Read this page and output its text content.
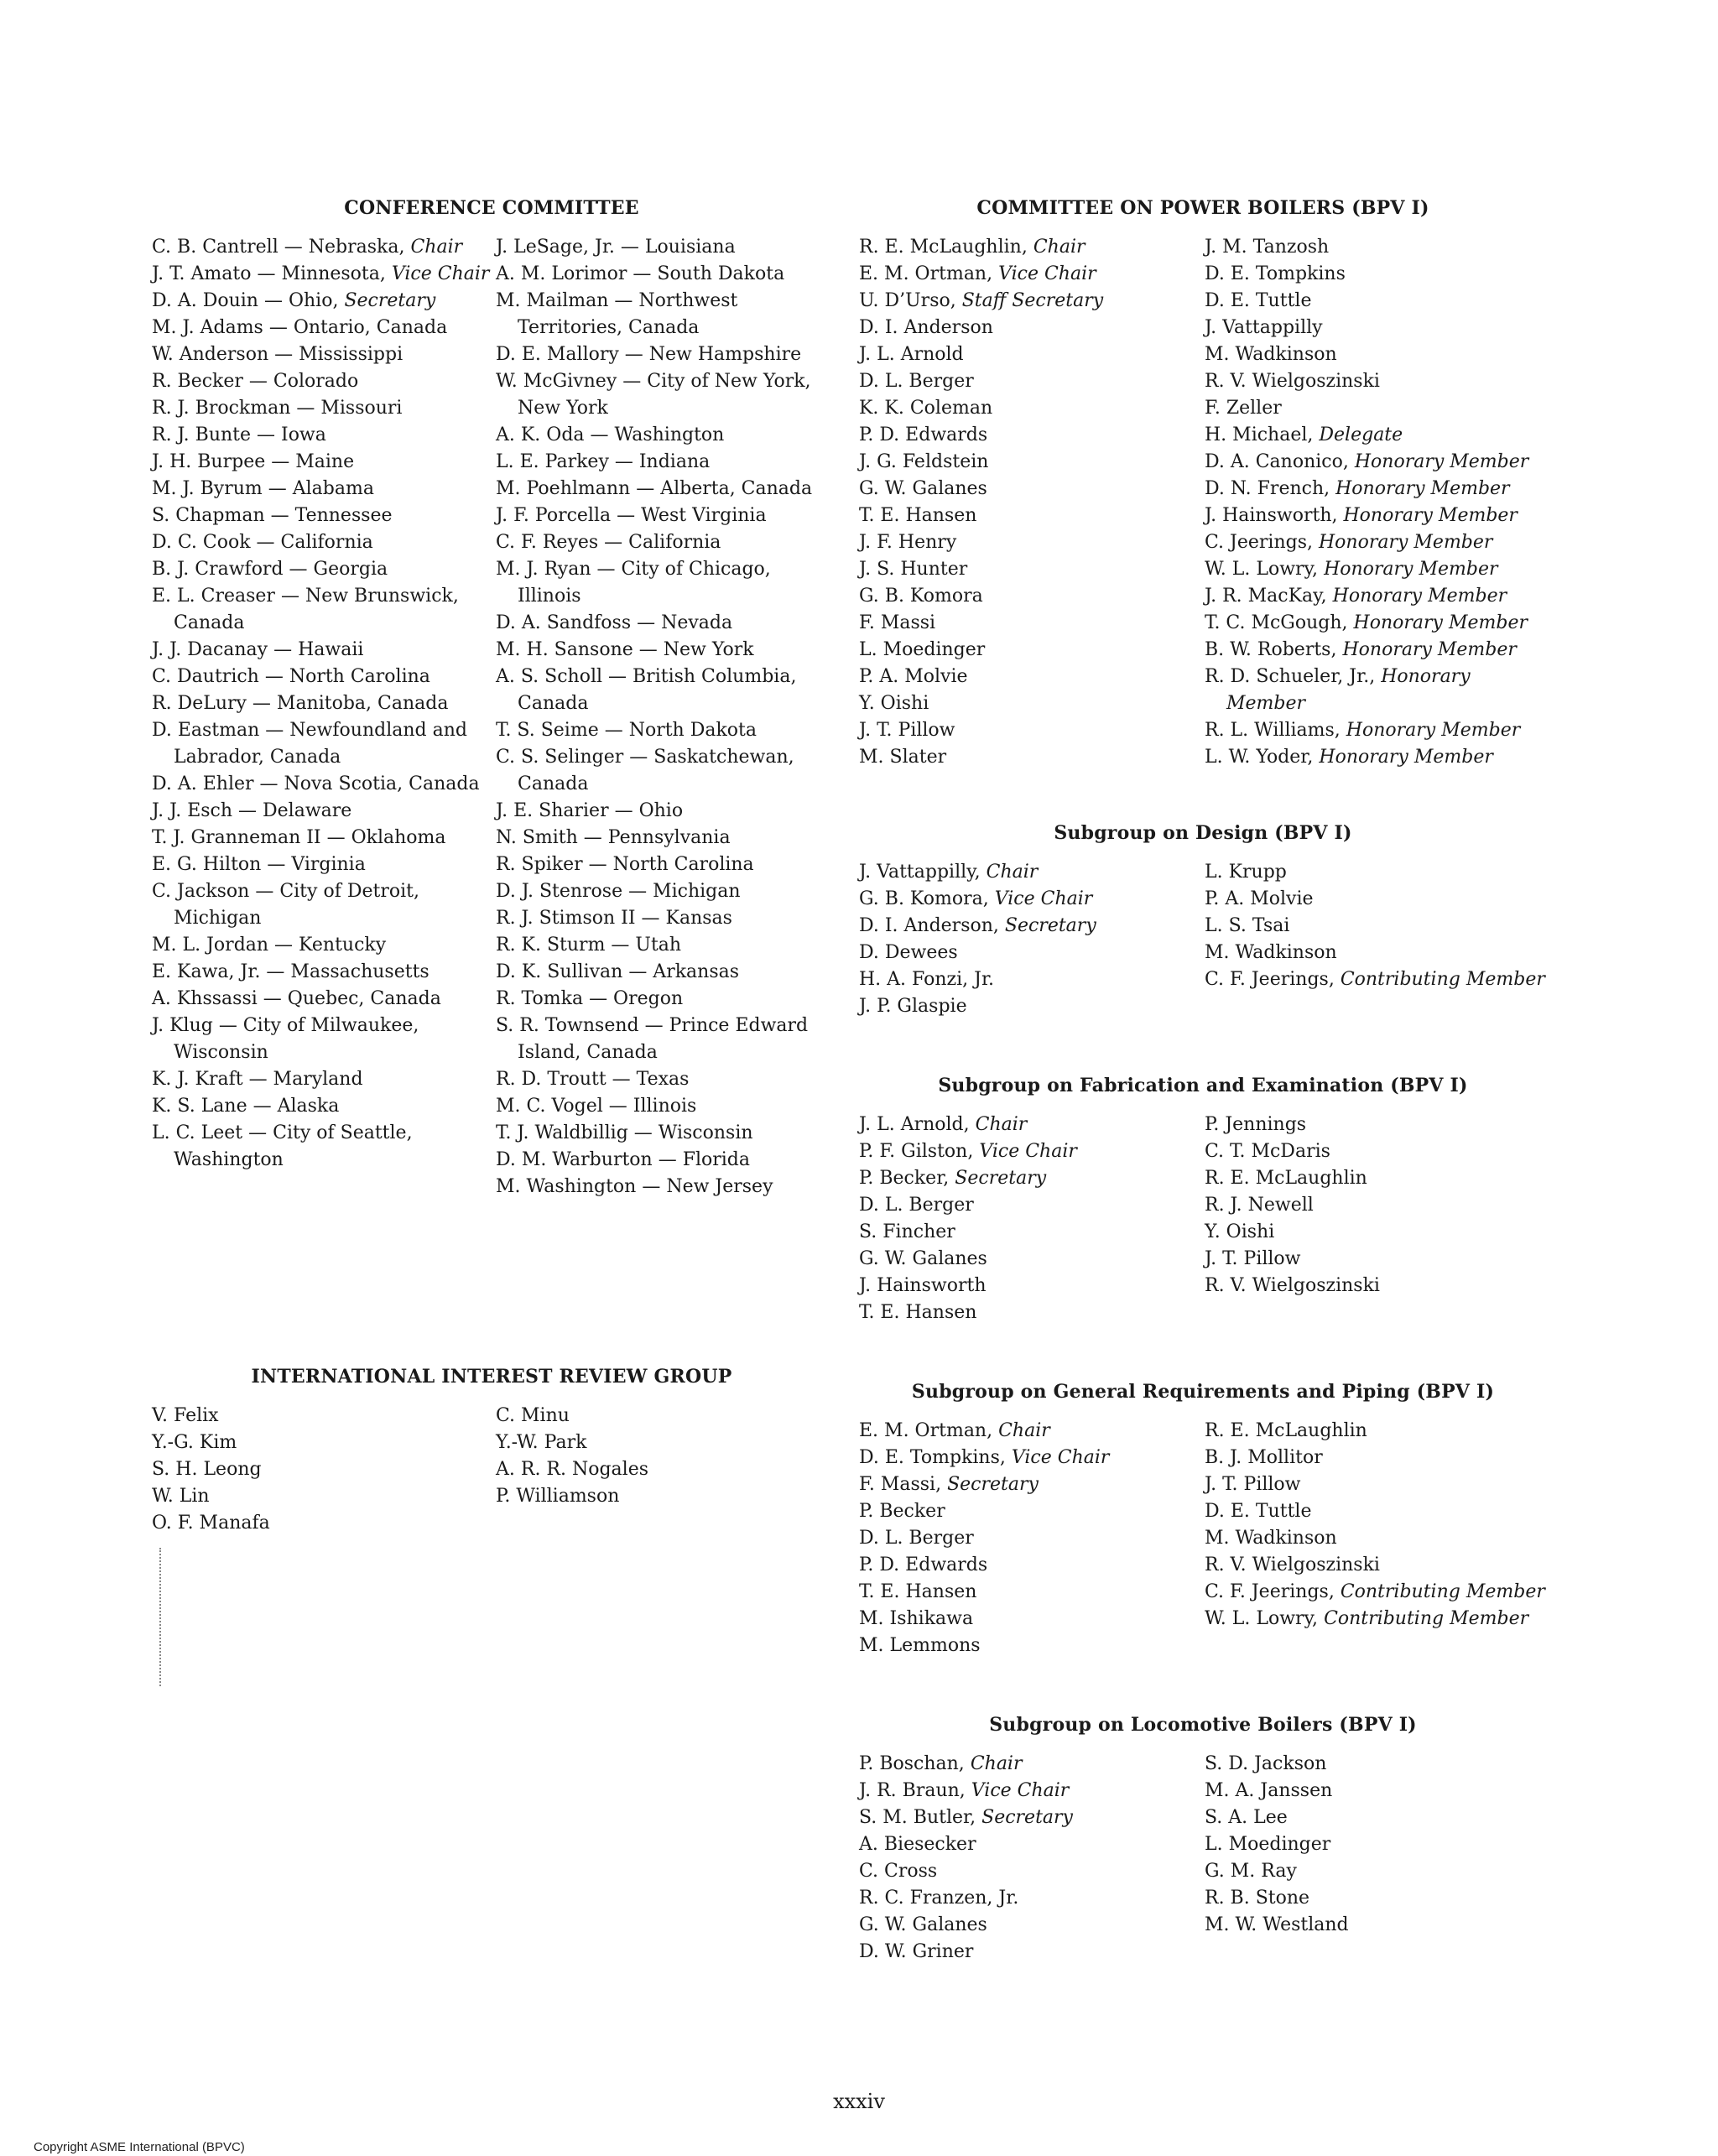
CONFERENCE COMMITTEE
C. B. Cantrell — Nebraska, Chair
J. T. Amato — Minnesota, Vice Chair
D. A. Douin — Ohio, Secretary
M. J. Adams — Ontario, Canada
W. Anderson — Mississippi
R. Becker — Colorado
R. J. Brockman — Missouri
R. J. Bunte — Iowa
J. H. Burpee — Maine
M. J. Byrum — Alabama
S. Chapman — Tennessee
D. C. Cook — California
B. J. Crawford — Georgia
E. L. Creaser — New Brunswick, Canada
J. J. Dacanay — Hawaii
C. Dautrich — North Carolina
R. DeLury — Manitoba, Canada
D. Eastman — Newfoundland and Labrador, Canada
D. A. Ehler — Nova Scotia, Canada
J. J. Esch — Delaware
T. J. Granneman II — Oklahoma
E. G. Hilton — Virginia
C. Jackson — City of Detroit, Michigan
M. L. Jordan — Kentucky
E. Kawa, Jr. — Massachusetts
A. Khssassi — Quebec, Canada
J. Klug — City of Milwaukee, Wisconsin
K. J. Kraft — Maryland
K. S. Lane — Alaska
L. C. Leet — City of Seattle, Washington
J. LeSage, Jr. — Louisiana
A. M. Lorimor — South Dakota
M. Mailman — Northwest Territories, Canada
D. E. Mallory — New Hampshire
W. McGivney — City of New York, New York
A. K. Oda — Washington
L. E. Parkey — Indiana
M. Poehlmann — Alberta, Canada
J. F. Porcella — West Virginia
C. F. Reyes — California
M. J. Ryan — City of Chicago, Illinois
D. A. Sandfoss — Nevada
M. H. Sansone — New York
A. S. Scholl — British Columbia, Canada
T. S. Seime — North Dakota
C. S. Selinger — Saskatchewan, Canada
J. E. Sharier — Ohio
N. Smith — Pennsylvania
R. Spiker — North Carolina
D. J. Stenrose — Michigan
R. J. Stimson II — Kansas
R. K. Sturm — Utah
D. K. Sullivan — Arkansas
R. Tomka — Oregon
S. R. Townsend — Prince Edward Island, Canada
R. D. Troutt — Texas
M. C. Vogel — Illinois
T. J. Waldbillig — Wisconsin
D. M. Warburton — Florida
M. Washington — New Jersey
INTERNATIONAL INTEREST REVIEW GROUP
V. Felix
Y.-G. Kim
S. H. Leong
W. Lin
O. F. Manafa
C. Minu
Y.-W. Park
A. R. R. Nogales
P. Williamson
COMMITTEE ON POWER BOILERS (BPV I)
R. E. McLaughlin, Chair
E. M. Ortman, Vice Chair
U. D’Urso, Staff Secretary
D. I. Anderson
J. L. Arnold
D. L. Berger
K. K. Coleman
P. D. Edwards
J. G. Feldstein
G. W. Galanes
T. E. Hansen
J. F. Henry
J. S. Hunter
G. B. Komora
F. Massi
L. Moedinger
P. A. Molvie
Y. Oishi
J. T. Pillow
M. Slater
J. M. Tanzosh
D. E. Tompkins
D. E. Tuttle
J. Vattappilly
M. Wadkinson
R. V. Wielgoszinski
F. Zeller
H. Michael, Delegate
D. A. Canonico, Honorary Member
D. N. French, Honorary Member
J. Hainsworth, Honorary Member
C. Jeerings, Honorary Member
W. L. Lowry, Honorary Member
J. R. MacKay, Honorary Member
T. C. McGough, Honorary Member
B. W. Roberts, Honorary Member
R. D. Schueler, Jr., Honorary Member
R. L. Williams, Honorary Member
L. W. Yoder, Honorary Member
Subgroup on Design (BPV I)
J. Vattappilly, Chair
G. B. Komora, Vice Chair
D. I. Anderson, Secretary
D. Dewees
H. A. Fonzi, Jr.
J. P. Glaspie
L. Krupp
P. A. Molvie
L. S. Tsai
M. Wadkinson
C. F. Jeerings, Contributing Member
Subgroup on Fabrication and Examination (BPV I)
J. L. Arnold, Chair
P. F. Gilston, Vice Chair
P. Becker, Secretary
D. L. Berger
S. Fincher
G. W. Galanes
J. Hainsworth
T. E. Hansen
P. Jennings
C. T. McDaris
R. E. McLaughlin
R. J. Newell
Y. Oishi
J. T. Pillow
R. V. Wielgoszinski
Subgroup on General Requirements and Piping (BPV I)
E. M. Ortman, Chair
D. E. Tompkins, Vice Chair
F. Massi, Secretary
P. Becker
D. L. Berger
P. D. Edwards
T. E. Hansen
M. Ishikawa
M. Lemmons
R. E. McLaughlin
B. J. Mollitor
J. T. Pillow
D. E. Tuttle
M. Wadkinson
R. V. Wielgoszinski
C. F. Jeerings, Contributing Member
W. L. Lowry, Contributing Member
Subgroup on Locomotive Boilers (BPV I)
P. Boschan, Chair
J. R. Braun, Vice Chair
S. M. Butler, Secretary
A. Biesecker
C. Cross
R. C. Franzen, Jr.
G. W. Galanes
D. W. Griner
S. D. Jackson
M. A. Janssen
S. A. Lee
L. Moedinger
G. M. Ray
R. B. Stone
M. W. Westland
xxxiv
Copyright ASME International (BPVC)
